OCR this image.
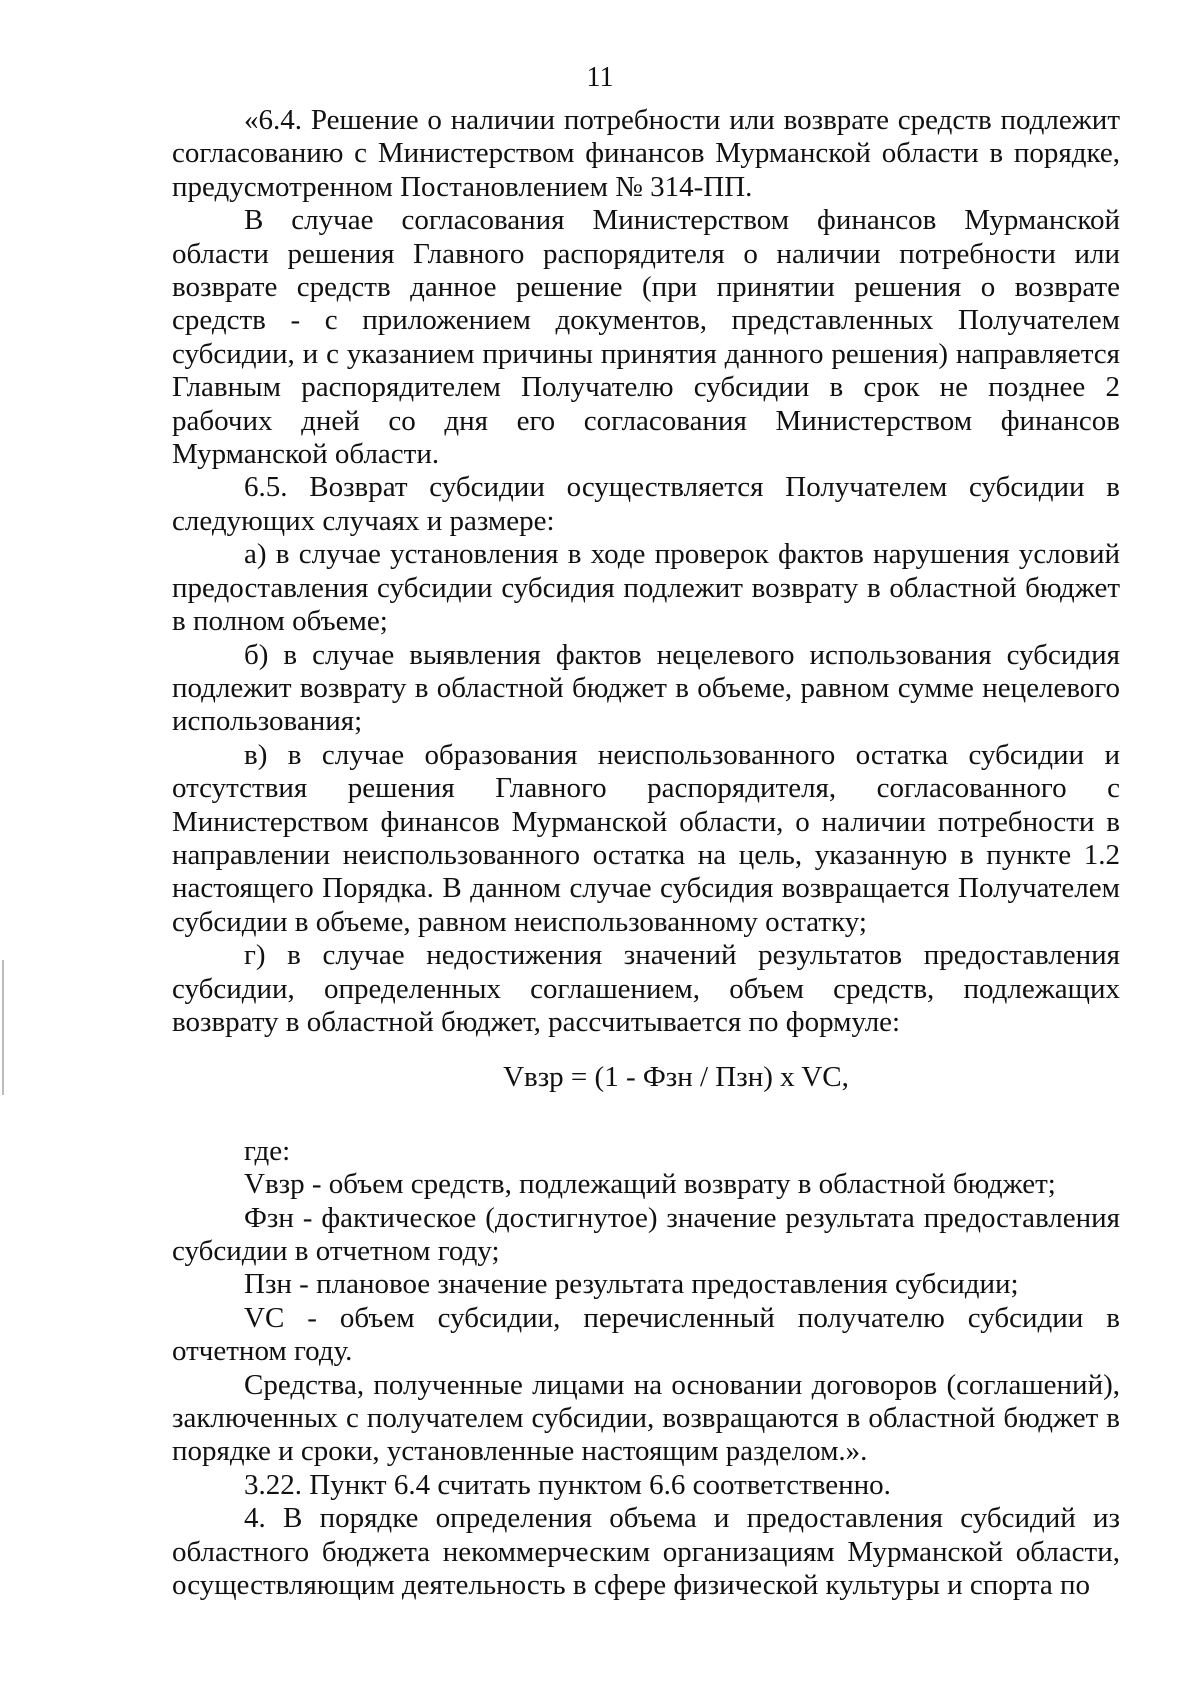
11

«6.4. Решение о наличии потребности или возврате средств подлежит согласованию с Министерством финансов Мурманской области в порядке, предусмотренном Постановлением № 314-ПП.

В случае согласования Министерством финансов Мурманской области решения Главного распорядителя о наличии потребности или возврате средств данное решение (при принятии решения о возврате средств - с приложением документов, представленных Получателем субсидии, и с указанием причины принятия данного решения) направляется Главным распорядителем Получателю субсидии в срок не позднее 2 рабочих дней со дня его согласования Министерством финансов Мурманской области.

6.5. Возврат субсидии осуществляется Получателем субсидии в следующих случаях и размере:

а) в случае установления в ходе проверок фактов нарушения условий предоставления субсидии субсидия подлежит возврату в областной бюджет в полном объеме;

б) в случае выявления фактов нецелевого использования субсидия подлежит возврату в областной бюджет в объеме, равном сумме нецелевого использования;

в) в случае образования неиспользованного остатка субсидии и отсутствия решения Главного распорядителя, согласованного с Министерством финансов Мурманской области, о наличии потребности в направлении неиспользованного остатка на цель, указанную в пункте 1.2 настоящего Порядка. В данном случае субсидия возвращается Получателем субсидии в объеме, равном неиспользованному остатку;

г) в случае недостижения значений результатов предоставления субсидии, определенных соглашением, объем средств, подлежащих возврату в областной бюджет, рассчитывается по формуле:

Vвзр = (1 - Фзн / Пзн) x VC,

где:

Vвзр - объем средств, подлежащий возврату в областной бюджет;

Фзн - фактическое (достигнутое) значение результата предоставления субсидии в отчетном году;

Пзн - плановое значение результата предоставления субсидии;

VC - объем субсидии, перечисленный получателю субсидии в отчетном году.

Средства, полученные лицами на основании договоров (соглашений), заключенных с получателем субсидии, возвращаются в областной бюджет в порядке и сроки, установленные настоящим разделом.».

3.22. Пункт 6.4 считать пунктом 6.6 соответственно.

4. В порядке определения объема и предоставления субсидий из областного бюджета некоммерческим организациям Мурманской области, осуществляющим деятельность в сфере физической культуры и спорта по
